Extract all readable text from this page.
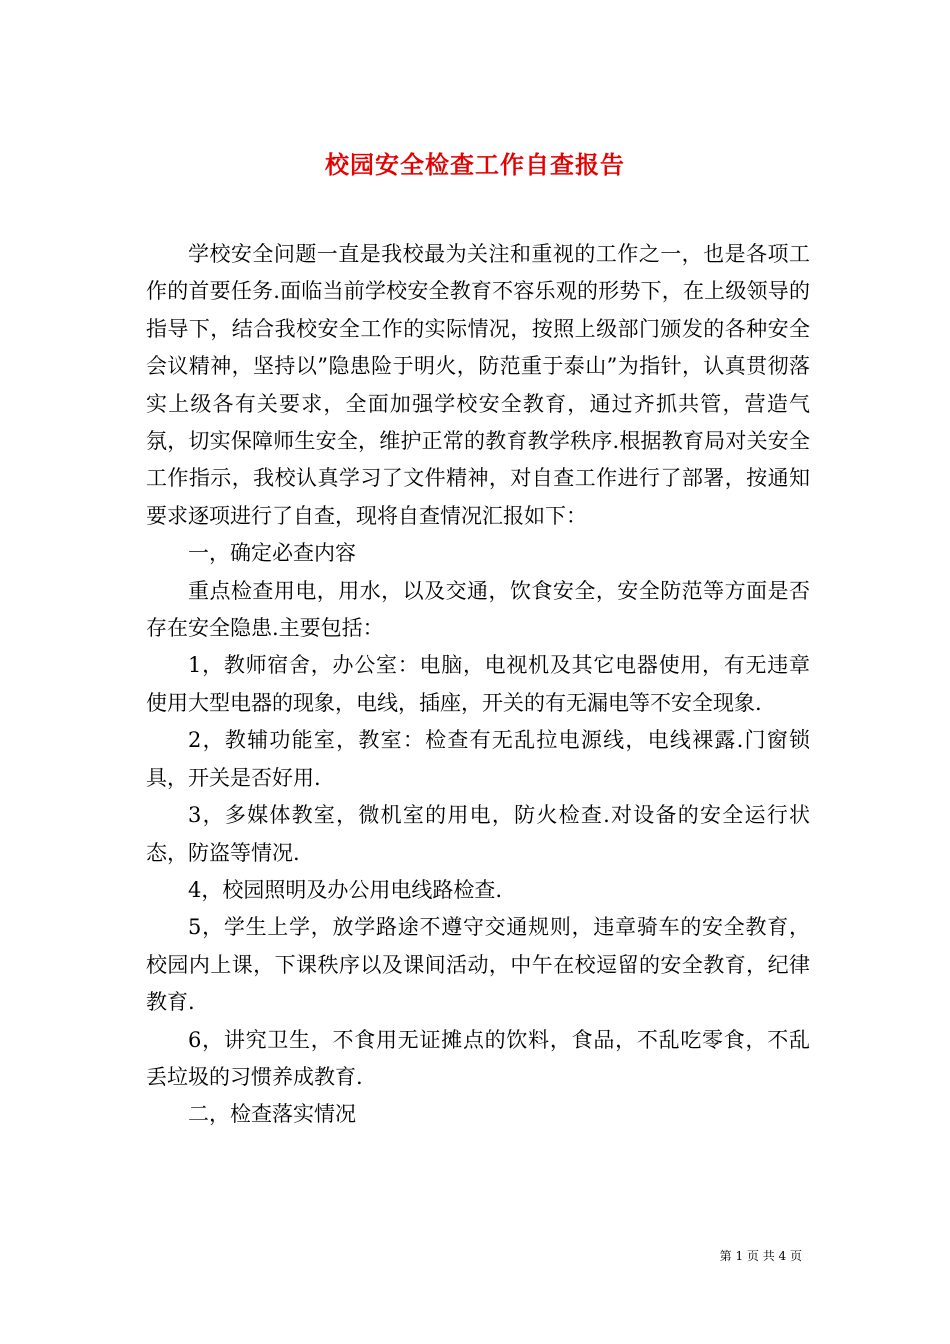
校园安全检查工作自查报告

学校安全问题一直是我校最为关注和重视的工作之一，也是各项工作的首要任务.面临当前学校安全教育不容乐观的形势下，在上级领导的指导下，结合我校安全工作的实际情况，按照上级部门颁发的各种安全会议精神，坚持以”隐患险于明火，防范重于泰山”为指针，认真贯彻落实上级各有关要求，全面加强学校安全教育，通过齐抓共管，营造气氛，切实保障师生安全，维护正常的教育教学秩序.根据教育局对关安全工作指示，我校认真学习了文件精神，对自查工作进行了部署，按通知要求逐项进行了自查，现将自查情况汇报如下：

一，确定必查内容

重点检查用电，用水，以及交通，饮食安全，安全防范等方面是否存在安全隐患.主要包括：

1，教师宿舍，办公室：电脑，电视机及其它电器使用，有无违章使用大型电器的现象，电线，插座，开关的有无漏电等不安全现象.

2，教辅功能室，教室：检查有无乱拉电源线，电线裸露.门窗锁具，开关是否好用.

3，多媒体教室，微机室的用电，防火检查.对设备的安全运行状态，防盗等情况.

4，校园照明及办公用电线路检查.

5，学生上学，放学路途不遵守交通规则，违章骑车的安全教育，校园内上课，下课秩序以及课间活动，中午在校逗留的安全教育，纪律教育.

6，讲究卫生，不食用无证摊点的饮料，食品，不乱吃零食，不乱丢垃圾的习惯养成教育.

二，检查落实情况

第 1 页 共 4 页
